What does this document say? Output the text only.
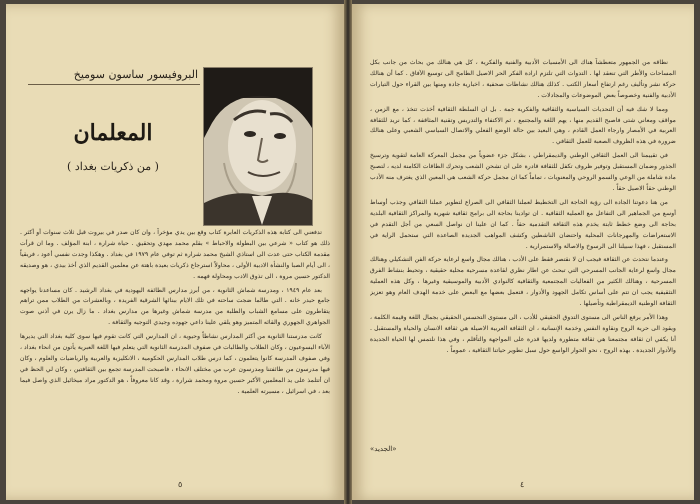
البروفيسور ساسون سوميخ
المعلمان
( من ذكريات بغداد )

تدفعني الى كتابة هذه الذكريات العابرة كتاب وقع بين يدي مؤخراً ، وان كان صدر في بيروت قبل ثلاث سنوات أو أكثر . ذلك هو كتاب « شرعي بين البطولة والاحباط » بقلم محمد مهدي وتحقيق . حياة شرارة ، ابنة المؤلف . وما ان قرأت مقدمة الكتاب حتى عدت الى استاذي الشيخ محمد شرارة ثم توفي عام ١٩٧٩ في بغداد . وهكذا وجدت نفسي أعود ، فريقياً ، الى أيام الصبا والنشأة الادبية الأولى ، محاولاً استرجاع ذكريات بعيدة باهتة عن معلمين القديم الذي أخذ بيدي ، هو وصديقه الدكتور حسين مروة ، الى تذوق الادب ومحاولة فهمه .

بعد عام ١٩٤٩ ، ومدرسة شماش الثانوية ، من أبرز مدارس الطائفة اليهودية في بغداد الرشيد . كان مساعدنا يواجهه جامع حيدر خانه . التي طالما ضجت ساحته في تلك الايام ببنائها الشرقية الفريدة ، وبالعشرات من الطلاب ممن تراهم يتقاطرون على مسامع الشباب والطلبة من مدرسة شماش وغيرها من مدارس بغداد . ما زال يرن في أذني صوت الجواهري الجهوري والقائه المتميز وهو يلقي علينا داعي جهوده وجيدي التوجيه والثقافة .

كانت مدرستنا الثانوية من أكثر المدارس نشاطاً وحيوية ، ان المدارس التي كانت تقوم فيها سوى كلية بغداد التي يديرها الآباء اليسوعيون ، وكان الطلاب والطالبات في صفوف المدرسة الثانوية التي يتعلم فيها اللغة العبرية يأتون من انحاء بغداد ، وفي صفوف المدرسة كانوا يتعلمون ، كما درس طلاب المدارس الحكومية ، الانكليزية والعربية والرياضيات والعلوم ، وكان فيها مدرسون من طائفتنا ومدرسون عرب من مختلف الانحاء ، فاصبحت المدرسة تجمع بين الثقافتين ، وكان لي الحظ في ان أتتلمذ على يد المعلمين الأكبر حسين مروة ومحمد شرارة ، وقد كانا معروفاً ، هو الدكتور مراد ميخائيل الذي واصل فيما بعد ، في اسرائيل ، مسيرته العلمية .

٥

نطاقه من الجمهور متعطشاً هناك الى الأمسيات الأدبية والفنية والفكرية ، كل هي هنالك من بحاث من جانب بكل المساحات والأطر التي تنعقد لها . التدوات التي تلتزم ارادة الفكر الحر الاصيل الطامح الى توسيع الآفاق . كما أن هنالك حركة نشر وتأليف رغم ارتفاع أسعار الكتب . كذلك هنالك نشاطات صحفية ، اخبارية جادة ومنها بين القراء حول التيارات الأدبية والفنية وخصوصاً بعض الموضوعات والمجادلات .

ومما لا شك فيه أن التحديات السياسية والثقافية والفكرية جمة . بل ان السلطة الثقافية أخذت تتخذ ، مع الزمن ، مواقف ومعاني شتى فاصبح القديم منها ، يهم اللغة والمجتمع ، ثم الاكتفاء والتدريس وتقنية المثاقفة ، كما نريد للثقافة العربية في الأمصار وارجاء العمل القادم ، وهي البعيد بين حالة الوضع الفعلي والاتصال السياسي الشعبي وعلى هنالك ضرورة في هذه الظروف الصعبة للعمل الثقافي .

في تقييمنا الى العمل الثقافي الوطني والديمقراطي ، بشكل جزء عضوياً من مجمل المعركة العامة لتقوية وترسيخ الجذور وضمان المستقبل وتوفير ظروف تكفل للثقافة قادرة على ان تشحن الشعب وتحرك الطاقات الكامنة لديه ، لتصبح مادة شاملة من الوعي والسمو الروحي والمعنويات ، تماماً كما ان مجمل حركة الشعب هي المعين الذي يغترف منه الأدب الوطني حقاً الاصيل حقاً .

من هنا دعوتنا الجادة الى رؤية الحاجة الى التخطيط لعملنا الثقافي الى الصراع لتطوير عملنا الثقافي وجذب أوساط أوسع من الجماهير الى التفاعل مع العملية الثقافية . ان توادينا بحاجة الى برامج ثقافية شهرية والمراكز الثقافية البلدية بحاجة الى وضع خطط ثابتة يخدم هذه الثقافة التقدمية حقاً . كما ان علينا ان نواصل السعي من أجل التقدم في الاستعراضات والمهرجانات المحلية واحتضان الناشطين وكشف المواهب الجديدة الصاعدة التي ستحمل الراية في المستقبل ، فهذا سبيلنا الى الرسوخ والاصالة والاستمرارية .

وعندما نتحدث عن الثقافة فيجب ان لا نقتصر فقط على الأدب ، هنالك مجال واسع لرعاية حركة الفن التشكيلي وهنالك مجال واسع لرعاية الجانب المسرحي التي تبحث عن اطار نظري لقاعدة مسرحية محلية حقيقية ، وتحيط بنشاط الفرق المسرحية ، وهنالك الكثير من الفعاليات المجتمعية والثقافية كالنوادي الأدبية والموسيقية وغيرها ، وكل هذه العملية التثقيفية يجب ان تتم على أساس تكامل الجهود والأدوار ، فتعمل بعضها مع البعض على خدمة الهدف العام وهو تعزيز الثقافة الوطنية الديمقراطية وتأصيلها .

وهذا الأمر يرفع الناس الى مستوى التدوق الحقيقي للأدب ، الى مستوى التحسس الحقيقي بجمال اللغة وقيمة الكلمة ، ويقود الى حرية الروح ونقاوة النفس وخدمة الإنسانية ، ان الثقافة العربية الاصيلة هي ثقافة الانسان والحياة والمستقبل . أنا يكفي ان ثقافة مجتمعنا هي ثقافة متطورة ولديها قدرة على المواجهة والتأقلم ، وفي هذا نلتمس لها الحياة الجديدة والأدوار الجديدة . بهذه الروح ، نحو الحوار الواسع حول سبل تطوير حياتنا الثقافية ، عموماً .

«الجديد»
٤
